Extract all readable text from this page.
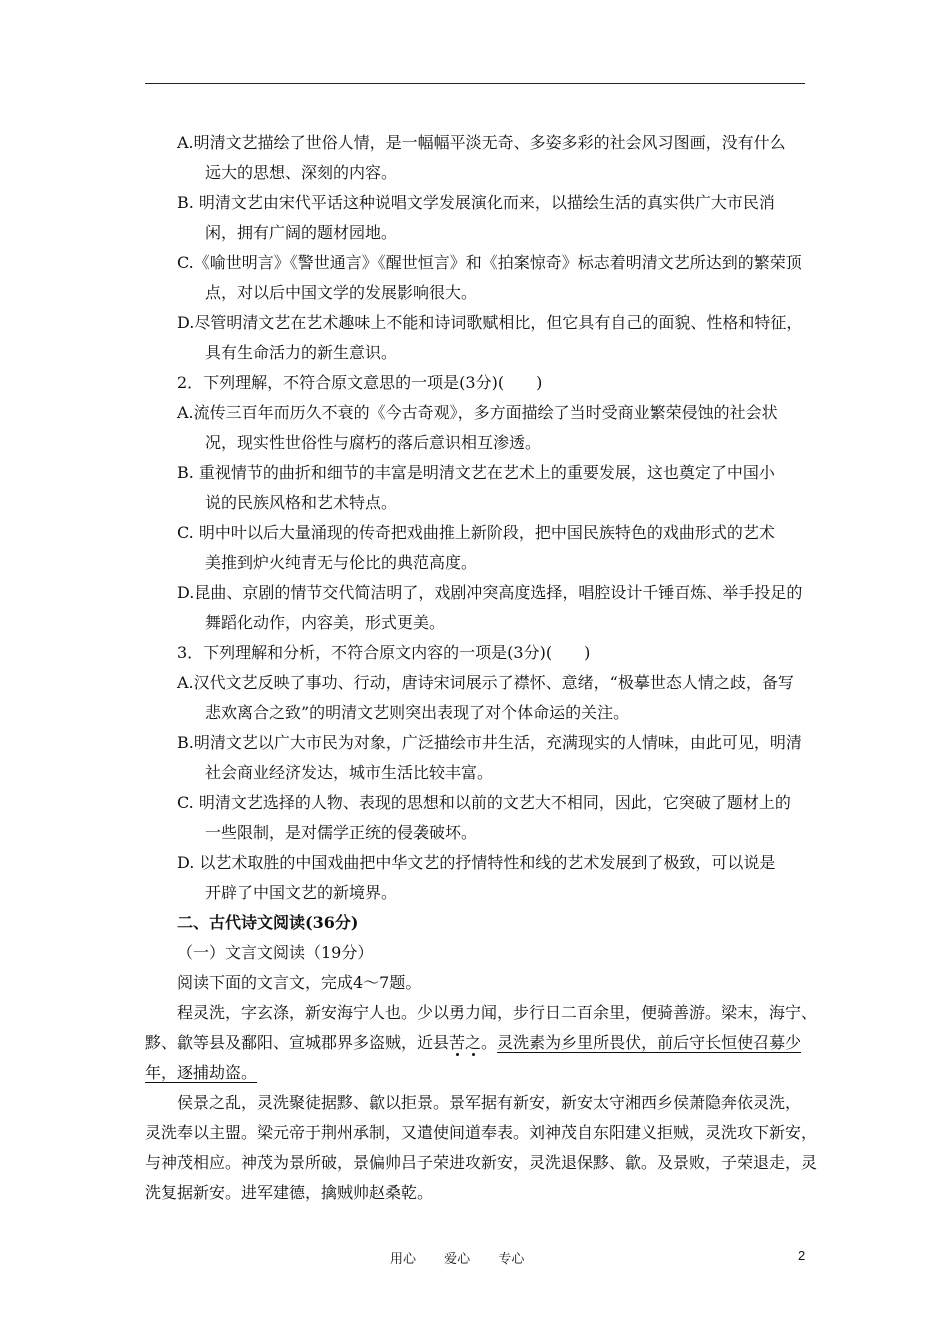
A.明清文艺描绘了世俗人情，是一幅幅平淡无奇、多姿多彩的社会风习图画，没有什么
远大的思想、深刻的内容。
B. 明清文艺由宋代平话这种说唱文学发展演化而来，以描绘生活的真实供广大市民消
闲，拥有广阔的题材园地。
C.《喻世明言》《警世通言》《醒世恒言》和《拍案惊奇》标志着明清文艺所达到的繁荣顶
点，对以后中国文学的发展影响很大。
D.尽管明清文艺在艺术趣味上不能和诗词歌赋相比，但它具有自己的面貌、性格和特征，
具有生命活力的新生意识。
2．下列理解，不符合原文意思的一项是(3分)(　　)
A.流传三百年而历久不衰的《今古奇观》，多方面描绘了当时受商业繁荣侵蚀的社会状
况，现实性世俗性与腐朽的落后意识相互渗透。
B. 重视情节的曲折和细节的丰富是明清文艺在艺术上的重要发展，这也奠定了中国小
说的民族风格和艺术特点。
C. 明中叶以后大量涌现的传奇把戏曲推上新阶段，把中国民族特色的戏曲形式的艺术
美推到炉火纯青无与伦比的典范高度。
D.昆曲、京剧的情节交代简洁明了，戏剧冲突高度选择，唱腔设计千锤百炼、举手投足的
舞蹈化动作，内容美，形式更美。
3．下列理解和分析，不符合原文内容的一项是(3分)(　　)
A.汉代文艺反映了事功、行动，唐诗宋词展示了襟怀、意绪，“极摹世态人情之歧，备写
悲欢离合之致”的明清文艺则突出表现了对个体命运的关注。
B.明清文艺以广大市民为对象，广泛描绘市井生活，充满现实的人情味，由此可见，明清
社会商业经济发达，城市生活比较丰富。
C. 明清文艺选择的人物、表现的思想和以前的文艺大不相同，因此，它突破了题材上的
一些限制，是对儒学正统的侵袭破坏。
D. 以艺术取胜的中国戏曲把中华文艺的抒情特性和线的艺术发展到了极致，可以说是
开辟了中国文艺的新境界。
二、古代诗文阅读(36分)
（一）文言文阅读（19分）
阅读下面的文言文，完成4～7题。
程灵洗，字玄涤，新安海宁人也。少以勇力闻，步行日二百余里，便骑善游。梁末，海宁、
黟、歙等县及鄱阳、宣城郡界多盗贼，近县苦之。灵洗素为乡里所畏伏，前后守长恒使召募少
年，逐捕劫盗。
侯景之乱，灵洗聚徒据黟、歙以拒景。景军据有新安，新安太守湘西乡侯萧隐奔依灵洗，
灵洗奉以主盟。梁元帝于荆州承制，又遣使间道奉表。刘神茂自东阳建义拒贼，灵洗攻下新安，
与神茂相应。神茂为景所破，景偏帅吕子荣进攻新安，灵洗退保黟、歙。及景败，子荣退走，灵
洗复据新安。进军建德，擒贼帅赵桑乾。
用心 爱心 专心	2
